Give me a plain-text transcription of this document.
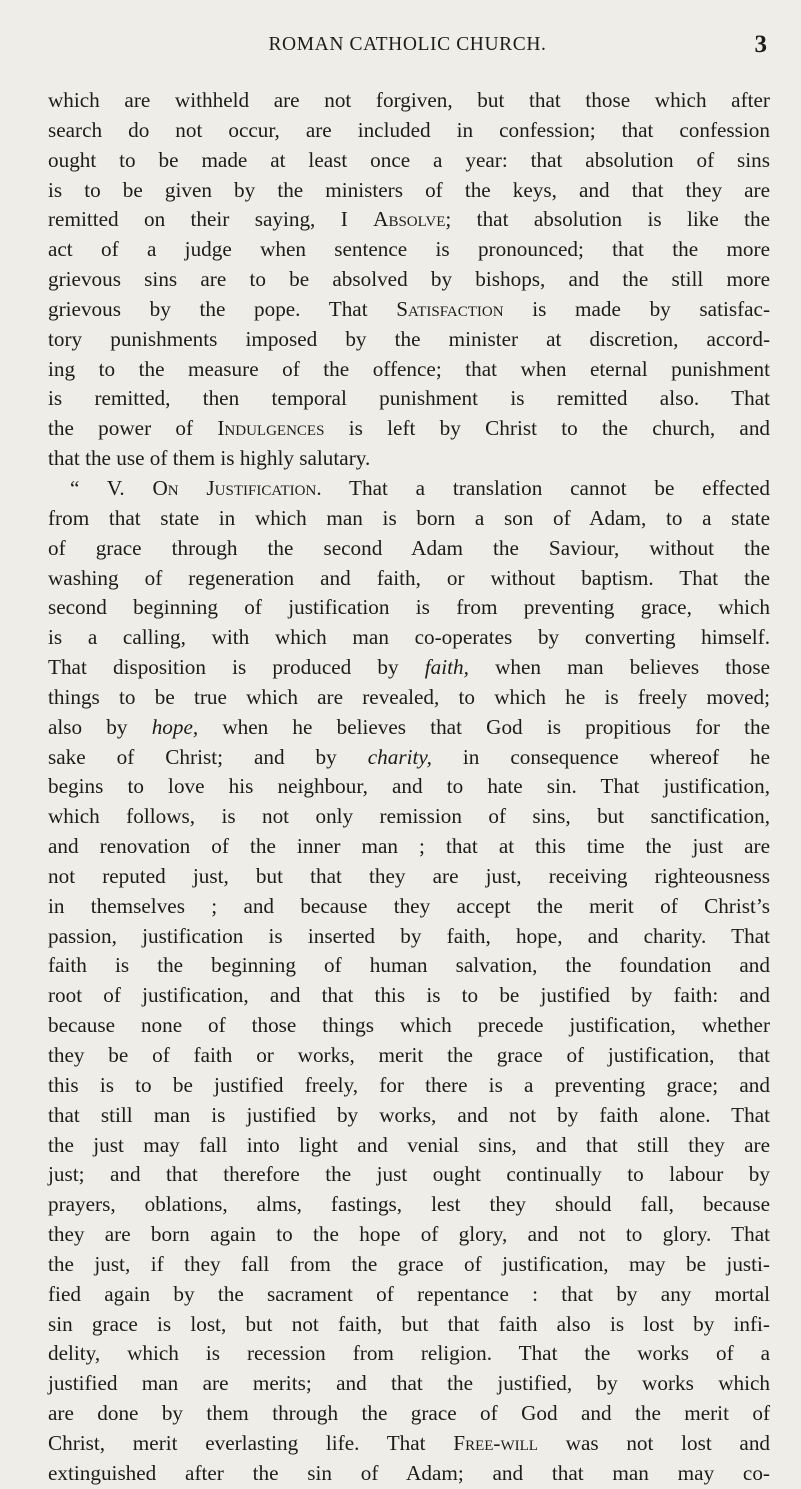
ROMAN CATHOLIC CHURCH.	3
which are withheld are not forgiven, but that those which after
search do not occur, are included in confession; that confession
ought to be made at least once a year: that absolution of sins
is to be given by the ministers of the keys, and that they are
remitted on their saying, I Absolve; that absolution is like the
act of a judge when sentence is pronounced; that the more
grievous sins are to be absolved by bishops, and the still more
grievous by the pope. That Satisfaction is made by satisfac-
tory punishments imposed by the minister at discretion, accord-
ing to the measure of the offence; that when eternal punishment
is remitted, then temporal punishment is remitted also. That
the power of Indulgences is left by Christ to the church, and
that the use of them is highly salutary.
“ V. On Justification. That a translation cannot be effected
from that state in which man is born a son of Adam, to a state
of grace through the second Adam the Saviour, without the
washing of regeneration and faith, or without baptism. That the
second beginning of justification is from preventing grace, which
is a calling, with which man co-operates by converting himself.
That disposition is produced by faith, when man believes those
things to be true which are revealed, to which he is freely moved;
also by hope, when he believes that God is propitious for the
sake of Christ; and by charity, in consequence whereof he
begins to love his neighbour, and to hate sin. That justification,
which follows, is not only remission of sins, but sanctification,
and renovation of the inner man ; that at this time the just are
not reputed just, but that they are just, receiving righteousness
in themselves ; and because they accept the merit of Christ’s
passion, justification is inserted by faith, hope, and charity. That
faith is the beginning of human salvation, the foundation and
root of justification, and that this is to be justified by faith: and
because none of those things which precede justification, whether
they be of faith or works, merit the grace of justification, that
this is to be justified freely, for there is a preventing grace; and
that still man is justified by works, and not by faith alone. That
the just may fall into light and venial sins, and that still they are
just; and that therefore the just ought continually to labour by
prayers, oblations, alms, fastings, lest they should fall, because
they are born again to the hope of glory, and not to glory. That
the just, if they fall from the grace of justification, may be justi-
fied again by the sacrament of repentance : that by any mortal
sin grace is lost, but not faith, but that faith also is lost by infi-
delity, which is recession from religion. That the works of a
justified man are merits; and that the justified, by works which
are done by them through the grace of God and the merit of
Christ, merit everlasting life. That Free-will was not lost and
extinguished after the sin of Adam; and that man may co-
